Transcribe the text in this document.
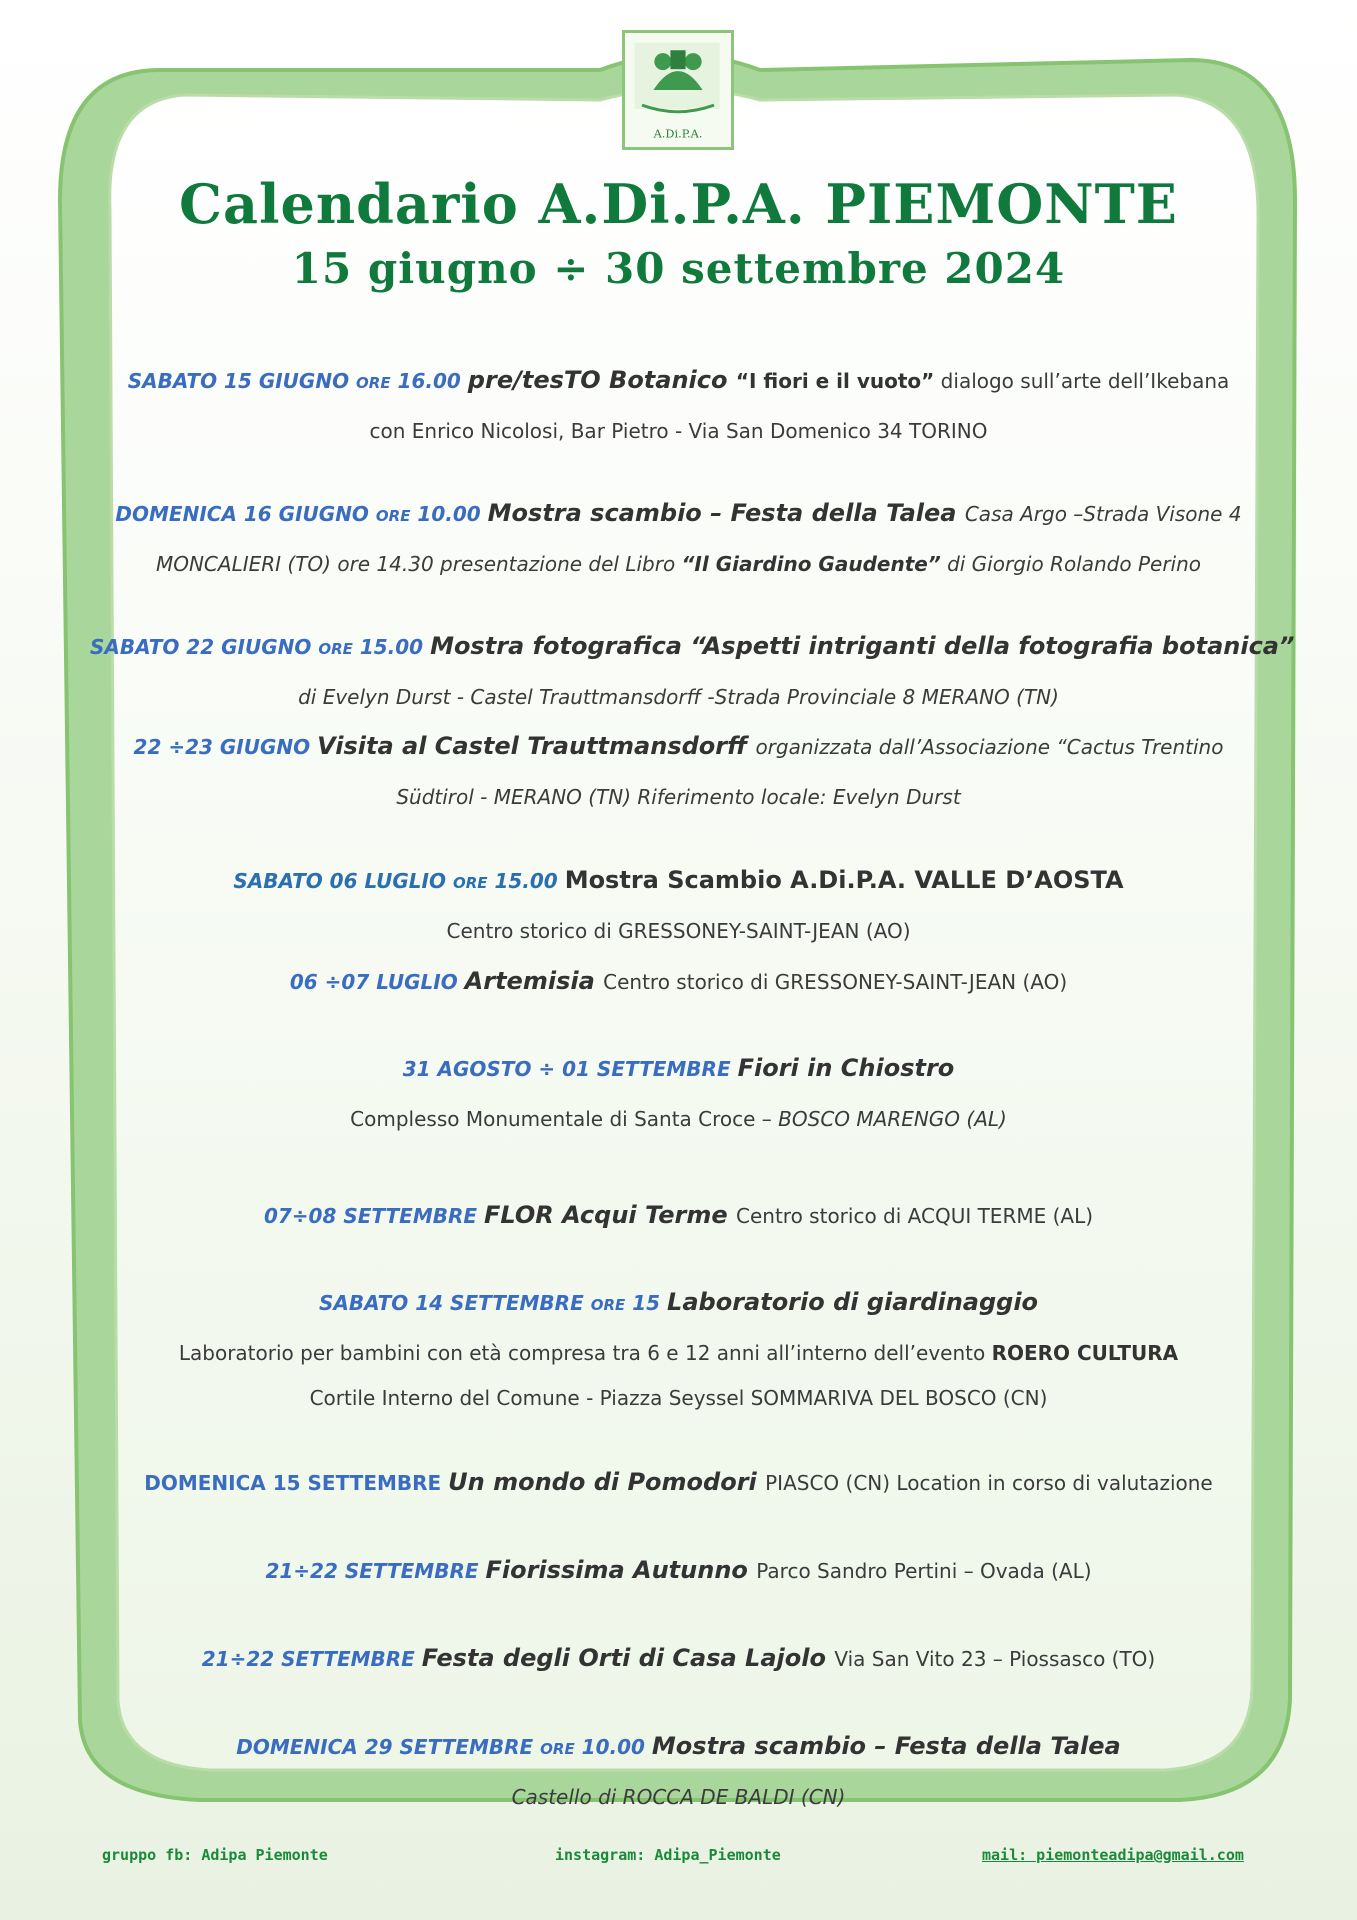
A.Di.P.A.
Calendario A.Di.P.A. PIEMONTE
15 giugno ÷ 30 settembre 2024
SABATO 15 GIUGNO ORE 16.00 pre/tesTO Botanico “I fiori e il vuoto” dialogo sull’arte dell’Ikebana
con Enrico Nicolosi, Bar Pietro - Via San Domenico 34 TORINO
DOMENICA 16 GIUGNO ORE 10.00 Mostra scambio – Festa della Talea Casa Argo –Strada Visone 4
MONCALIERI (TO) ore 14.30 presentazione del Libro “Il Giardino Gaudente” di Giorgio Rolando Perino
SABATO 22 GIUGNO ORE 15.00 Mostra fotografica “Aspetti intriganti della fotografia botanica”
di Evelyn Durst - Castel Trauttmansdorff -Strada Provinciale 8 MERANO (TN)
22 ÷23 GIUGNO Visita al Castel Trauttmansdorff organizzata dall’Associazione “Cactus Trentino
Südtirol - MERANO (TN) Riferimento locale: Evelyn Durst
SABATO 06 LUGLIO ORE 15.00 Mostra Scambio A.Di.P.A. VALLE D’AOSTA
Centro storico di GRESSONEY-SAINT-JEAN (AO)
06 ÷07 LUGLIO Artemisia Centro storico di GRESSONEY-SAINT-JEAN (AO)
31 AGOSTO ÷ 01 SETTEMBRE Fiori in Chiostro
Complesso Monumentale di Santa Croce – BOSCO MARENGO (AL)
07÷08 SETTEMBRE FLOR Acqui Terme Centro storico di ACQUI TERME (AL)
SABATO 14 SETTEMBRE ORE 15 Laboratorio di giardinaggio
Laboratorio per bambini con età compresa tra 6 e 12 anni all’interno dell’evento ROERO CULTURA
Cortile Interno del Comune - Piazza Seyssel SOMMARIVA DEL BOSCO (CN)
DOMENICA 15 SETTEMBRE Un mondo di Pomodori PIASCO (CN) Location in corso di valutazione
21÷22 SETTEMBRE Fiorissima Autunno Parco Sandro Pertini – Ovada (AL)
21÷22 SETTEMBRE Festa degli Orti di Casa Lajolo Via San Vito 23 – Piossasco (TO)
DOMENICA 29 SETTEMBRE ORE 10.00 Mostra scambio – Festa della Talea
Castello di ROCCA DE BALDI (CN)
gruppo fb: Adipa Piemonte	instagram: Adipa_Piemonte	mail: piemonteadipa@gmail.com
